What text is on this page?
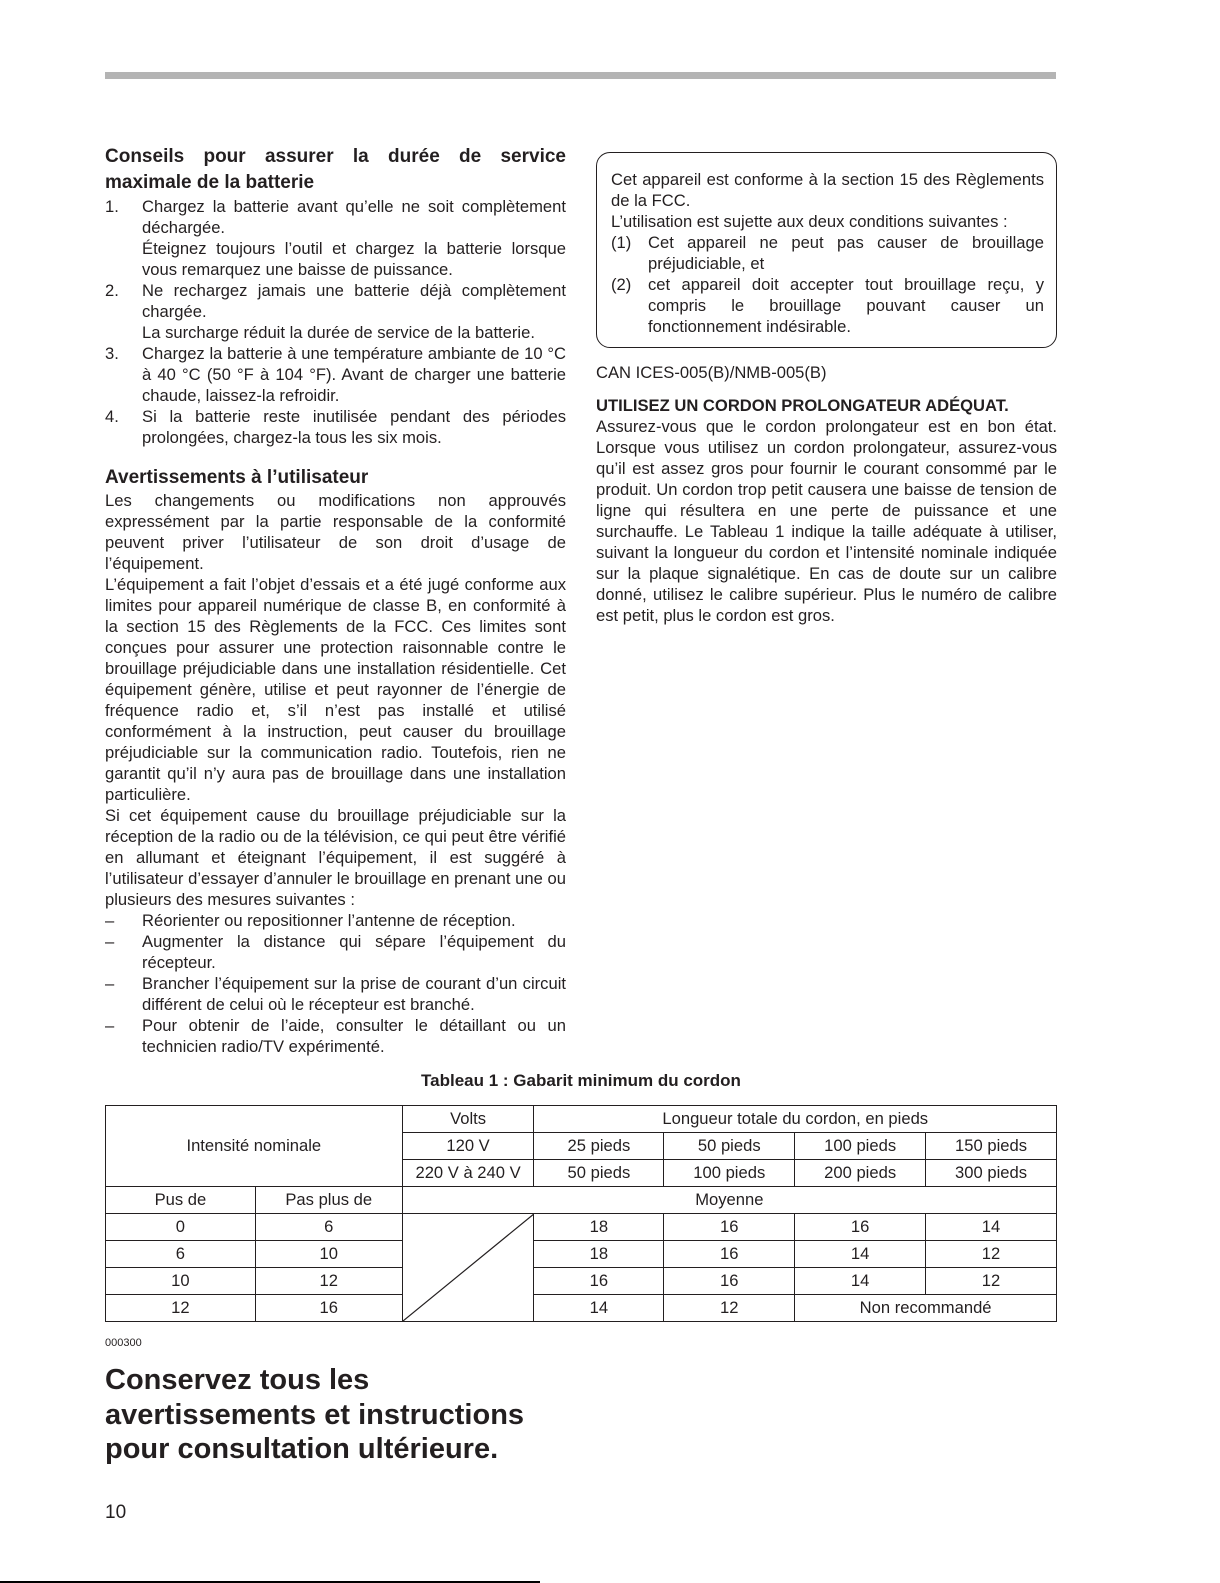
Conseils pour assurer la durée de service maximale de la batterie
1. Chargez la batterie avant qu’elle ne soit complètement déchargée.

Éteignez toujours l’outil et chargez la batterie lorsque vous remarquez une baisse de puissance.

2. Ne rechargez jamais une batterie déjà complètement chargée.

La surcharge réduit la durée de service de la batterie.

3. Chargez la batterie à une température ambiante de 10 °C à 40 °C (50 °F à 104 °F). Avant de charger une batterie chaude, laissez-la refroidir.

4. Si la batterie reste inutilisée pendant des périodes prolongées, chargez-la tous les six mois.

Avertissements à l’utilisateur

Les changements ou modifications non approuvés expressément par la partie responsable de la conformité peuvent priver l’utilisateur de son droit d’usage de l’équipement.

L’équipement a fait l’objet d’essais et a été jugé conforme aux limites pour appareil numérique de classe B, en conformité à la section 15 des Règlements de la FCC. Ces limites sont conçues pour assurer une protection raisonnable contre le brouillage préjudiciable dans une installation résidentielle. Cet équipement génère, utilise et peut rayonner de l’énergie de fréquence radio et, s’il n’est pas installé et utilisé conformément à la instruction, peut causer du brouillage préjudiciable sur la communication radio. Toutefois, rien ne garantit qu’il n’y aura pas de brouillage dans une installation particulière.

Si cet équipement cause du brouillage préjudiciable sur la réception de la radio ou de la télévision, ce qui peut être vérifié en allumant et éteignant l’équipement, il est suggéré à l’utilisateur d’essayer d’annuler le brouillage en prenant une ou plusieurs des mesures suivantes :

– Réorienter ou repositionner l’antenne de réception.

– Augmenter la distance qui sépare l’équipement du récepteur.

– Brancher l’équipement sur la prise de courant d’un circuit différent de celui où le récepteur est branché.

– Pour obtenir de l’aide, consulter le détaillant ou un technicien radio/TV expérimenté.

Cet appareil est conforme à la section 15 des Règlements de la FCC.

L’utilisation est sujette aux deux conditions suivantes :

(1) Cet appareil ne peut pas causer de brouillage préjudiciable, et

(2) cet appareil doit accepter tout brouillage reçu, y compris le brouillage pouvant causer un fonctionnement indésirable.

CAN ICES-005(B)/NMB-005(B)

UTILISEZ UN CORDON PROLONGATEUR ADÉQUAT.

Assurez-vous que le cordon prolongateur est en bon état. Lorsque vous utilisez un cordon prolongateur, assurez-vous qu’il est assez gros pour fournir le courant consommé par le produit. Un cordon trop petit causera une baisse de tension de ligne qui résultera en une perte de puissance et une surchauffe. Le Tableau 1 indique la taille adéquate à utiliser, suivant la longueur du cordon et l’intensité nominale indiquée sur la plaque signalétique. En cas de doute sur un calibre donné, utilisez le calibre supérieur. Plus le numéro de calibre est petit, plus le cordon est gros.

Tableau 1 : Gabarit minimum du cordon
Intensité nominale		Volts	Longueur totale du cordon, en pieds			
		120 V	25 pieds	50 pieds	100 pieds	150 pieds
		220 V à 240 V	50 pieds	100 pieds	200 pieds	300 pieds
Pus de	Pas plus de	Moyenne				
0	6		18	16	16	14
6	10		18	16	14	12
10	12		16	16	14	12
12	16		14	12	Non recommandé	
000300
Conservez tous les
avertissements et instructions
pour consultation ultérieure.
10
